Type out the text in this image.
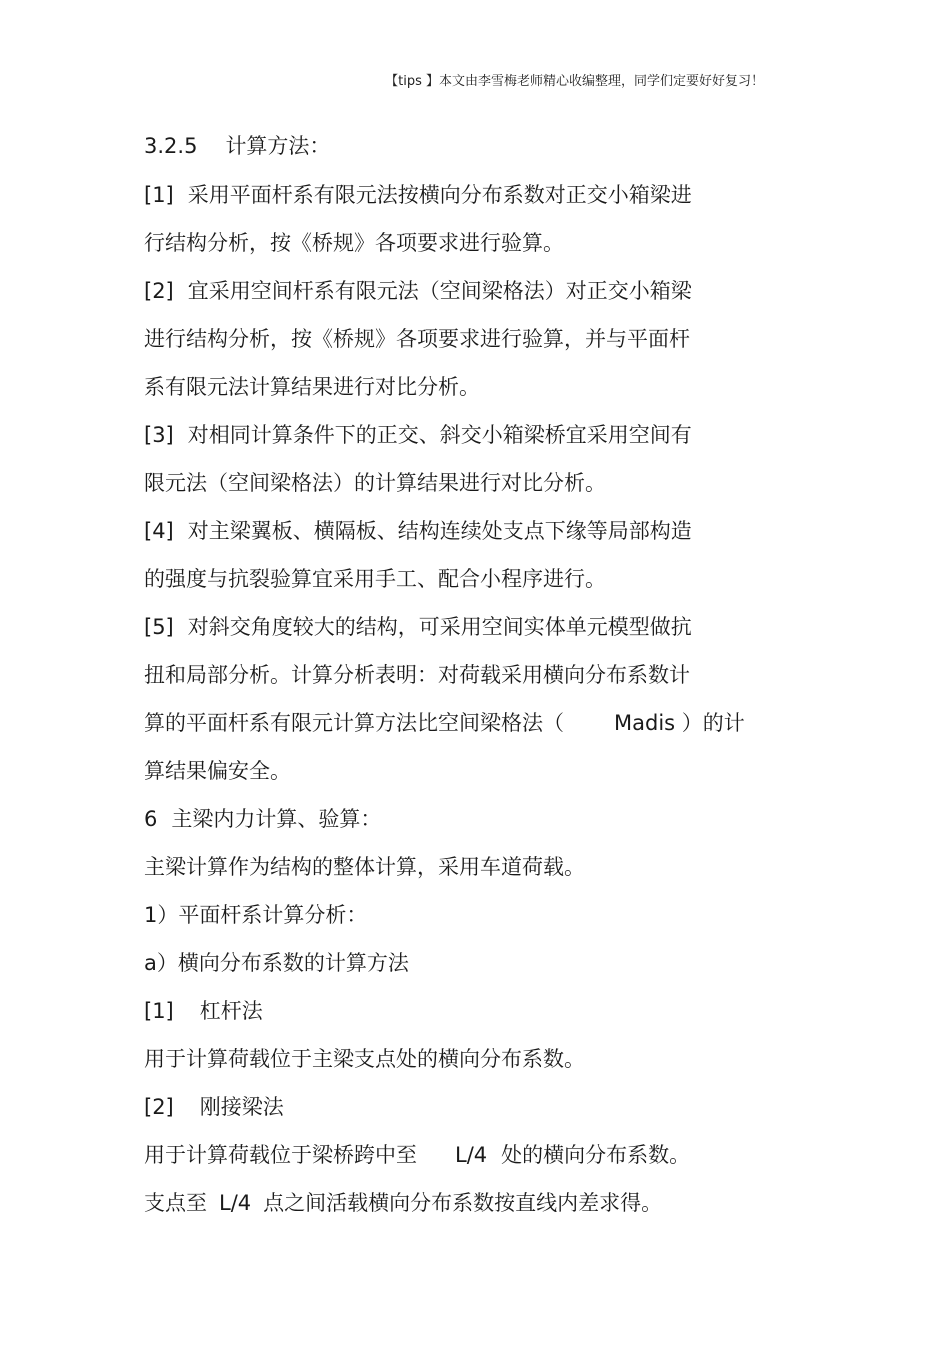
【tips 】本文由李雪梅老师精心收编整理，同学们定要好好复习！
3.2.5 计算方法：
[1] 采用平面杆系有限元法按横向分布系数对正交小箱梁进
行结构分析，按《桥规》各项要求进行验算。
[2] 宜采用空间杆系有限元法（空间梁格法）对正交小箱梁
进行结构分析，按《桥规》各项要求进行验算，并与平面杆
系有限元法计算结果进行对比分析。
[3] 对相同计算条件下的正交、斜交小箱梁桥宜采用空间有
限元法（空间梁格法）的计算结果进行对比分析。
[4] 对主梁翼板、横隔板、结构连续处支点下缘等局部构造
的强度与抗裂验算宜采用手工、配合小程序进行。
[5] 对斜交角度较大的结构，可采用空间实体单元模型做抗
扭和局部分析。计算分析表明：对荷载采用横向分布系数计
算的平面杆系有限元计算方法比空间梁格法（ Madis ）的计
算结果偏安全。
6 主梁内力计算、验算：
主梁计算作为结构的整体计算，采用车道荷载。
1）平面杆系计算分析：
a）横向分布系数的计算方法
[1] 杠杆法
用于计算荷载位于主梁支点处的横向分布系数。
[2] 刚接梁法
用于计算荷载位于梁桥跨中至 L/4 处的横向分布系数。
支点至 L/4 点之间活载横向分布系数按直线内差求得。
